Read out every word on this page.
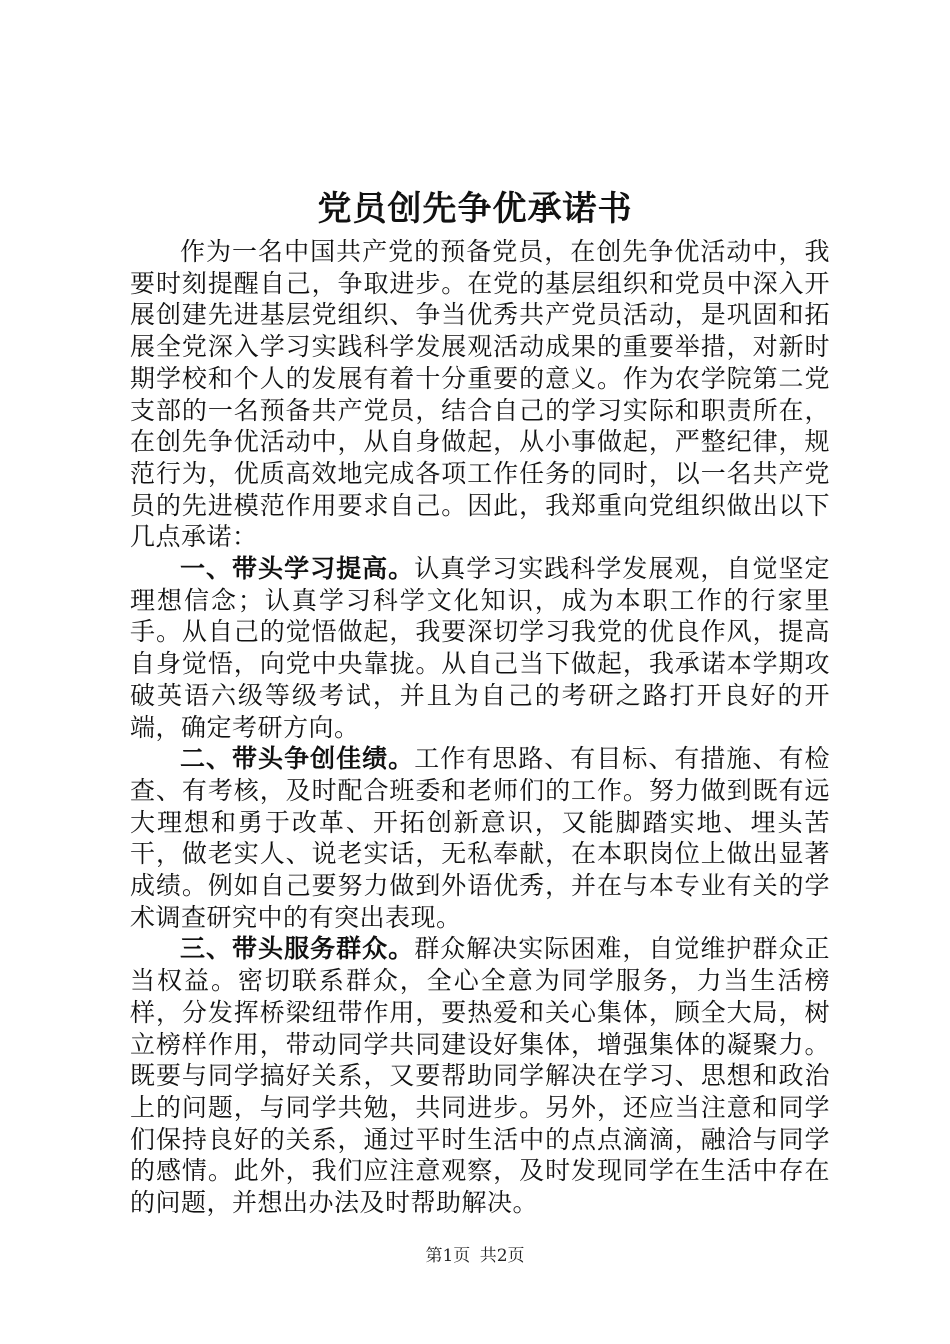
党员创先争优承诺书

作为一名中国共产党的预备党员，在创先争优活动中，我要时刻提醒自己，争取进步。在党的基层组织和党员中深入开展创建先进基层党组织、争当优秀共产党员活动，是巩固和拓展全党深入学习实践科学发展观活动成果的重要举措，对新时期学校和个人的发展有着十分重要的意义。作为农学院第二党支部的一名预备共产党员，结合自己的学习实际和职责所在，在创先争优活动中，从自身做起，从小事做起，严整纪律，规范行为，优质高效地完成各项工作任务的同时，以一名共产党员的先进模范作用要求自己。因此，我郑重向党组织做出以下几点承诺：

一、带头学习提高。认真学习实践科学发展观，自觉坚定理想信念；认真学习科学文化知识，成为本职工作的行家里手。从自己的觉悟做起，我要深切学习我党的优良作风，提高自身觉悟，向党中央靠拢。从自己当下做起，我承诺本学期攻破英语六级等级考试，并且为自己的考研之路打开良好的开端，确定考研方向。

二、带头争创佳绩。工作有思路、有目标、有措施、有检查、有考核，及时配合班委和老师们的工作。努力做到既有远大理想和勇于改革、开拓创新意识，又能脚踏实地、埋头苦干，做老实人、说老实话，无私奉献，在本职岗位上做出显著成绩。例如自己要努力做到外语优秀，并在与本专业有关的学术调查研究中的有突出表现。

三、带头服务群众。群众解决实际困难，自觉维护群众正当权益。密切联系群众，全心全意为同学服务，力当生活榜样，分发挥桥梁纽带作用，要热爱和关心集体，顾全大局，树立榜样作用，带动同学共同建设好集体，增强集体的凝聚力。既要与同学搞好关系，又要帮助同学解决在学习、思想和政治上的问题，与同学共勉，共同进步。另外，还应当注意和同学们保持良好的关系，通过平时生活中的点点滴滴，融洽与同学的感情。此外，我们应注意观察，及时发现同学在生活中存在的问题，并想出办法及时帮助解决。

第1页 共2页
